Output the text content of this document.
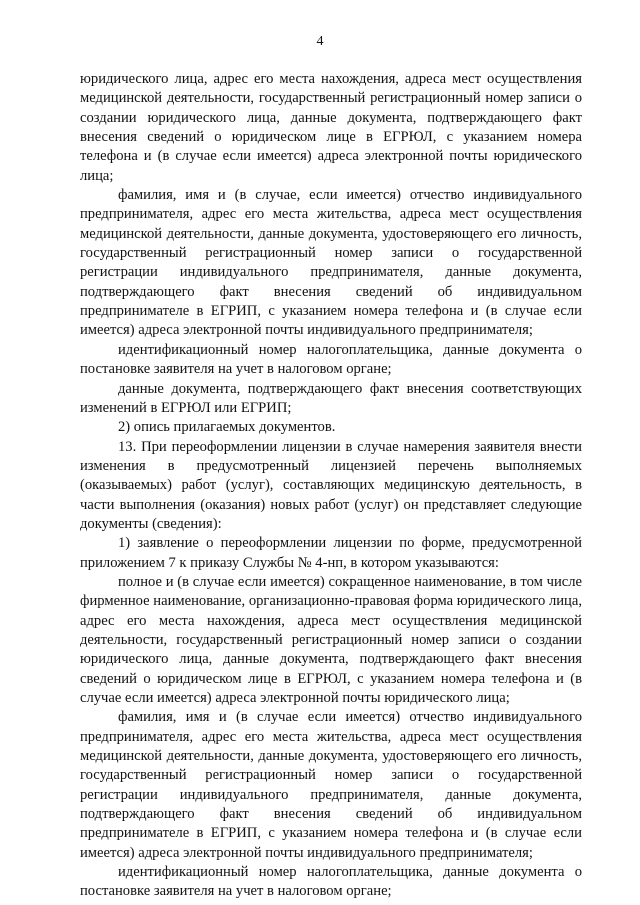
4

юридического лица, адрес его места нахождения, адреса мест осуществления медицинской деятельности, государственный регистрационный номер записи о создании юридического лица, данные документа, подтверждающего факт внесения сведений о юридическом лице в ЕГРЮЛ, с указанием номера телефона и (в случае если имеется) адреса электронной почты юридического лица;

фамилия, имя и (в случае, если имеется) отчество индивидуального предпринимателя, адрес его места жительства, адреса мест осуществления медицинской деятельности, данные документа, удостоверяющего его личность, государственный регистрационный номер записи о государственной регистрации индивидуального предпринимателя, данные документа, подтверждающего факт внесения сведений об индивидуальном предпринимателе в ЕГРИП, с указанием номера телефона и (в случае если имеется) адреса электронной почты индивидуального предпринимателя;

идентификационный номер налогоплательщика, данные документа о постановке заявителя на учет в налоговом органе;

данные документа, подтверждающего факт внесения соответствующих изменений в ЕГРЮЛ или ЕГРИП;

2) опись прилагаемых документов.

13. При переоформлении лицензии в случае намерения заявителя внести изменения в предусмотренный лицензией перечень выполняемых (оказываемых) работ (услуг), составляющих медицинскую деятельность, в части выполнения (оказания) новых работ (услуг) он представляет следующие документы (сведения):

1) заявление о переоформлении лицензии по форме, предусмотренной приложением 7 к приказу Службы № 4-нп, в котором указываются:

полное и (в случае если имеется) сокращенное наименование, в том числе фирменное наименование, организационно-правовая форма юридического лица, адрес его места нахождения, адреса мест осуществления медицинской деятельности, государственный регистрационный номер записи о создании юридического лица, данные документа, подтверждающего факт внесения сведений о юридическом лице в ЕГРЮЛ, с указанием номера телефона и (в случае если имеется) адреса электронной почты юридического лица;

фамилия, имя и (в случае если имеется) отчество индивидуального предпринимателя, адрес его места жительства, адреса мест осуществления медицинской деятельности, данные документа, удостоверяющего его личность, государственный регистрационный номер записи о государственной регистрации индивидуального предпринимателя, данные документа, подтверждающего факт внесения сведений об индивидуальном предпринимателе в ЕГРИП, с указанием номера телефона и (в случае если имеется) адреса электронной почты индивидуального предпринимателя;

идентификационный номер налогоплательщика, данные документа о постановке заявителя на учет в налоговом органе;
